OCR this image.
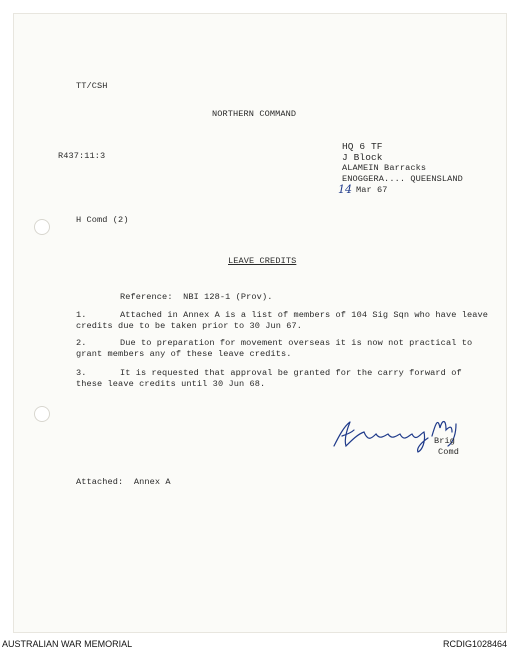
TT/CSH
NORTHERN COMMAND
R437:11:3
HQ 6 TF
J Block
ALAMEIN Barracks
ENOGGERA.... QUEENSLAND
14 Mar 67
H Comd (2)
LEAVE CREDITS
Reference:  NBI 128-1 (Prov).
1.	Attached in Annex A is a list of members of 104 Sig Sqn who have leave
credits due to be taken prior to 30 Jun 67.
2.	Due to preparation for movement overseas it is now not practical to
grant members any of these leave credits.
3.	It is requested that approval be granted for the carry forward of
these leave credits until 30 Jun 68.
Brig
Comd
Attached:  Annex A
AUSTRALIAN WAR MEMORIAL	RCDIG1028464
